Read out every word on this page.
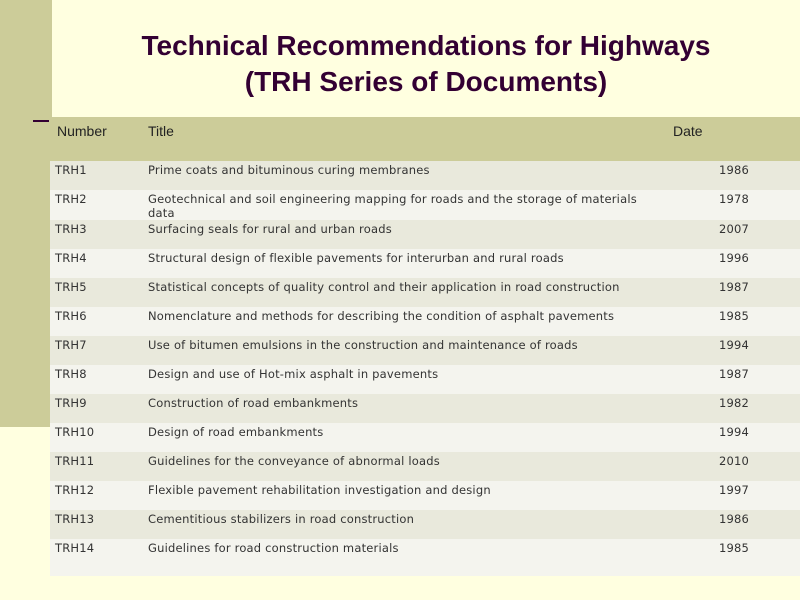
Technical Recommendations for Highways
(TRH Series of Documents)
Number	Title	Date
TRH1	Prime coats and bituminous curing membranes	1986
TRH2	Geotechnical and soil engineering mapping for roads and the storage of materials data	1978
TRH3	Surfacing seals for rural and urban roads	2007
TRH4	Structural design of flexible pavements for interurban and rural roads	1996
TRH5	Statistical concepts of quality control and their application in road construction	1987
TRH6	Nomenclature and methods for describing the condition of asphalt pavements	1985
TRH7	Use of bitumen emulsions in the construction and maintenance of roads	1994
TRH8	Design and use of Hot-mix asphalt in pavements	1987
TRH9	Construction of road embankments	1982
TRH10	Design of road embankments	1994
TRH11	Guidelines for the conveyance of abnormal loads	2010
TRH12	Flexible pavement rehabilitation investigation and design	1997
TRH13	Cementitious stabilizers in road construction	1986
TRH14	Guidelines for road construction materials	1985
